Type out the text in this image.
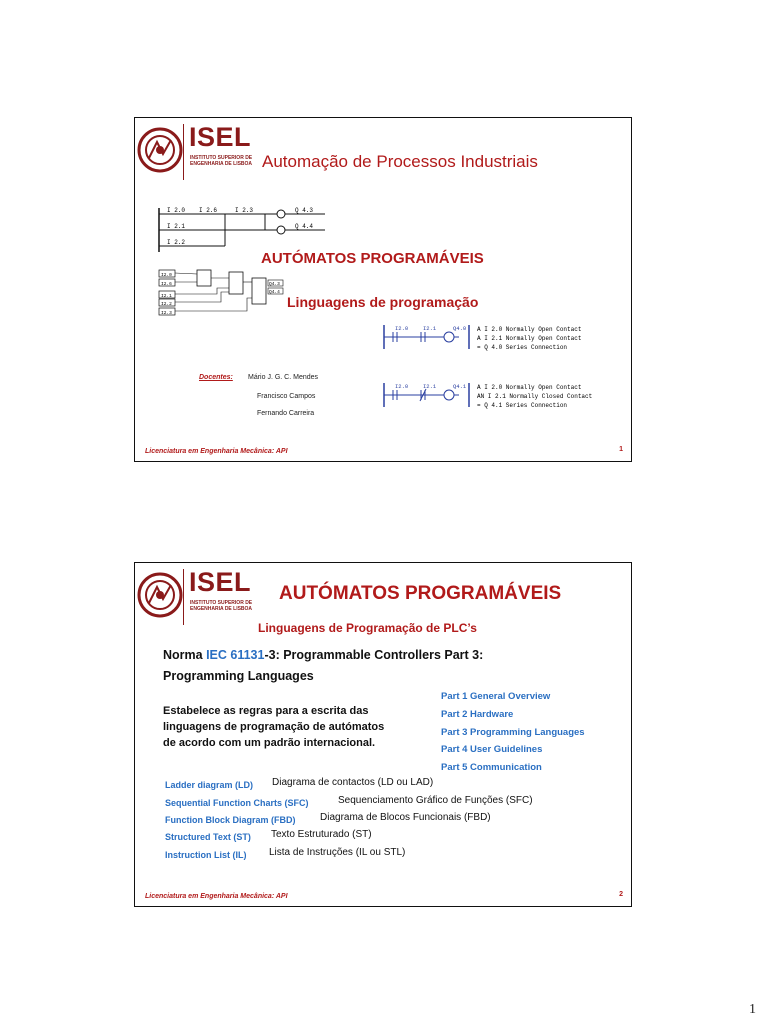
ISEL
INSTITUTO SUPERIOR DE ENGENHARIA DE LISBOA Automação de Processos Industriais
I 2.0 I 2.6	I 2.3	Q 4.3
I 2.1	Q 4.4
I 2.2
AUTÓMATOS PROGRAMÁVEIS
I2.0
I2.6
I2.1
I2.2
I2.3
Q4.3
Q4.4
Linguagens de programação
I2.0	I2.1	Q4.0 A I 2.0 Normally Open Contact
A I 2.1 Normally Open Contact
= Q 4.0 Series Connection
Docentes: Mário J. G. C. Mendes
Francisco Campos
Fernando Carreira
I2.0	I2.1	Q4.1 A I 2.0 Normally Open Contact
AN I 2.1 Normally Closed Contact
= Q 4.1 Series Connection
Licenciatura em Engenharia Mecânica: API	1
ISEL
INSTITUTO SUPERIOR DE ENGENHARIA DE LISBOA
AUTÓMATOS PROGRAMÁVEIS
Linguagens de Programação de PLC’s
Norma IEC 61131-3: Programmable Controllers Part 3:
Programming Languages
Estabelece as regras para a escrita das
linguagens de programação de autómatos
de acordo com um padrão internacional.
Part 1 General Overview
Part 2 Hardware
Part 3 Programming Languages
Part 4 User Guidelines
Part 5 Communication
Ladder diagram (LD) Diagrama de contactos (LD ou LAD)
Sequential Function Charts (SFC)	Sequenciamento Gráfico de Funções (SFC)
Function Block Diagram (FBD) Diagrama de Blocos Funcionais (FBD)
Structured Text (ST) Texto Estruturado (ST)
Instruction List (IL) Lista de Instruções (IL ou STL)
Licenciatura em Engenharia Mecânica: API	2
1
